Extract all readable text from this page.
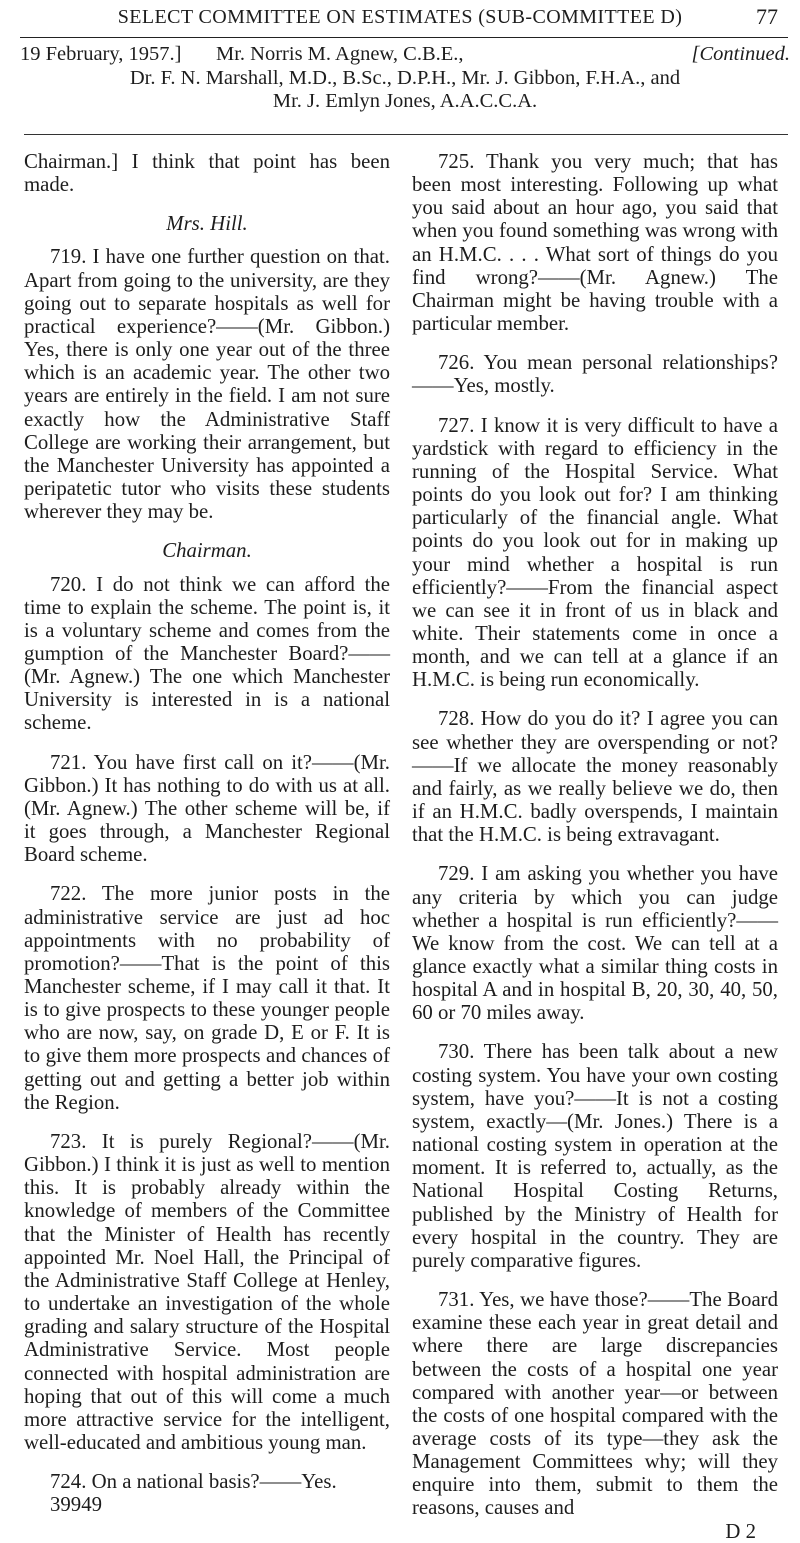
SELECT COMMITTEE ON ESTIMATES (SUB-COMMITTEE D)	77
19 February, 1957.] Mr. Norris M. Agnew, C.B.E.,	[Continued.
Dr. F. N. Marshall, M.D., B.Sc., D.P.H., Mr. J. Gibbon, F.H.A., and
Mr. J. Emlyn Jones, A.A.C.C.A.

Chairman.] I think that point has been made.

Mrs. Hill.

719. I have one further question on that. Apart from going to the university, are they going out to separate hospitals as well for practical experience?——(Mr. Gibbon.) Yes, there is only one year out of the three which is an academic year. The other two years are entirely in the field. I am not sure exactly how the Administrative Staff College are working their arrangement, but the Manchester University has appointed a peripatetic tutor who visits these students wherever they may be.

Chairman.

720. I do not think we can afford the time to explain the scheme. The point is, it is a voluntary scheme and comes from the gumption of the Manchester Board?——(Mr. Agnew.) The one which Manchester University is interested in is a national scheme.

721. You have first call on it?——(Mr. Gibbon.) It has nothing to do with us at all. (Mr. Agnew.) The other scheme will be, if it goes through, a Manchester Regional Board scheme.

722. The more junior posts in the administrative service are just ad hoc appointments with no probability of promotion?——That is the point of this Manchester scheme, if I may call it that. It is to give prospects to these younger people who are now, say, on grade D, E or F. It is to give them more prospects and chances of getting out and getting a better job within the Region.

723. It is purely Regional?——(Mr. Gibbon.) I think it is just as well to mention this. It is probably already within the knowledge of members of the Committee that the Minister of Health has recently appointed Mr. Noel Hall, the Principal of the Administrative Staff College at Henley, to undertake an investigation of the whole grading and salary structure of the Hospital Administrative Service. Most people connected with hospital administration are hoping that out of this will come a much more attractive service for the intelligent, well-educated and ambitious young man.

724. On a national basis?——Yes.

39949

725. Thank you very much; that has been most interesting. Following up what you said about an hour ago, you said that when you found something was wrong with an H.M.C. . . . What sort of things do you find wrong?——(Mr. Agnew.) The Chairman might be having trouble with a particular member.

726. You mean personal relationships?——Yes, mostly.

727. I know it is very difficult to have a yardstick with regard to efficiency in the running of the Hospital Service. What points do you look out for? I am thinking particularly of the financial angle. What points do you look out for in making up your mind whether a hospital is run efficiently?——From the financial aspect we can see it in front of us in black and white. Their statements come in once a month, and we can tell at a glance if an H.M.C. is being run economically.

728. How do you do it? I agree you can see whether they are overspending or not?——If we allocate the money reasonably and fairly, as we really believe we do, then if an H.M.C. badly overspends, I maintain that the H.M.C. is being extravagant.

729. I am asking you whether you have any criteria by which you can judge whether a hospital is run efficiently?——We know from the cost. We can tell at a glance exactly what a similar thing costs in hospital A and in hospital B, 20, 30, 40, 50, 60 or 70 miles away.

730. There has been talk about a new costing system. You have your own costing system, have you?——It is not a costing system, exactly—(Mr. Jones.) There is a national costing system in operation at the moment. It is referred to, actually, as the National Hospital Costing Returns, published by the Ministry of Health for every hospital in the country. They are purely comparative figures.

731. Yes, we have those?——The Board examine these each year in great detail and where there are large discrepancies between the costs of a hospital one year compared with another year—or between the costs of one hospital compared with the average costs of its type—they ask the Management Committees why; will they enquire into them, submit to them the reasons, causes and

D 2
